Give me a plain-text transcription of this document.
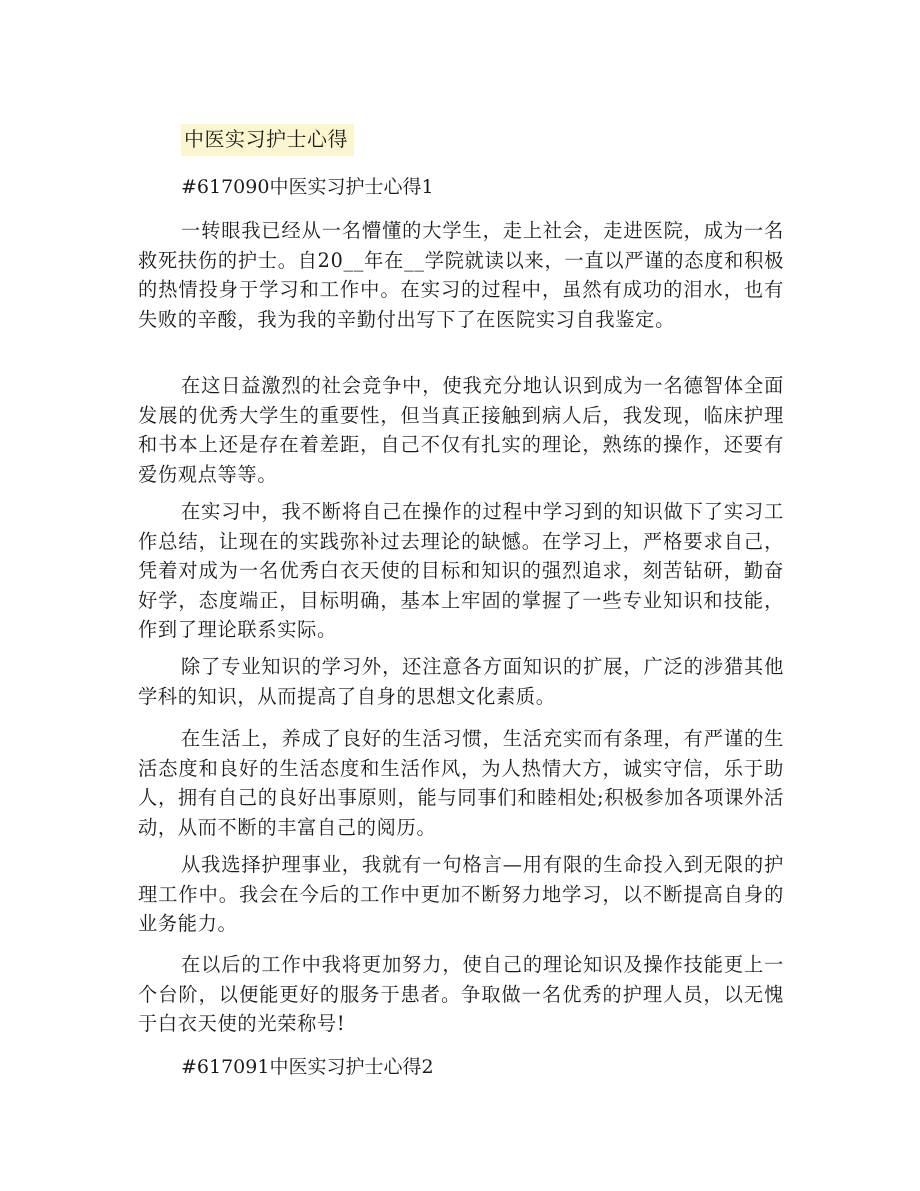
中医实习护士心得
#617090中医实习护士心得1

一转眼我已经从一名懵懂的大学生，走上社会，走进医院，成为一名救死扶伤的护士。自20__年在__学院就读以来，一直以严谨的态度和积极的热情投身于学习和工作中。在实习的过程中，虽然有成功的泪水，也有失败的辛酸，我为我的辛勤付出写下了在医院实习自我鉴定。

在这日益激烈的社会竞争中，使我充分地认识到成为一名德智体全面发展的优秀大学生的重要性，但当真正接触到病人后，我发现，临床护理和书本上还是存在着差距，自己不仅有扎实的理论，熟练的操作，还要有爱伤观点等等。

在实习中，我不断将自己在操作的过程中学习到的知识做下了实习工作总结，让现在的实践弥补过去理论的缺憾。在学习上，严格要求自己，凭着对成为一名优秀白衣天使的目标和知识的强烈追求，刻苦钻研，勤奋好学，态度端正，目标明确，基本上牢固的掌握了一些专业知识和技能，作到了理论联系实际。

除了专业知识的学习外，还注意各方面知识的扩展，广泛的涉猎其他学科的知识，从而提高了自身的思想文化素质。

在生活上，养成了良好的生活习惯，生活充实而有条理，有严谨的生活态度和良好的生活态度和生活作风，为人热情大方，诚实守信，乐于助人，拥有自己的良好出事原则，能与同事们和睦相处;积极参加各项课外活动，从而不断的丰富自己的阅历。

从我选择护理事业，我就有一句格言—用有限的生命投入到无限的护理工作中。我会在今后的工作中更加不断努力地学习，以不断提高自身的业务能力。

在以后的工作中我将更加努力，使自己的理论知识及操作技能更上一个台阶，以便能更好的服务于患者。争取做一名优秀的护理人员，以无愧于白衣天使的光荣称号!

#617091中医实习护士心得2
